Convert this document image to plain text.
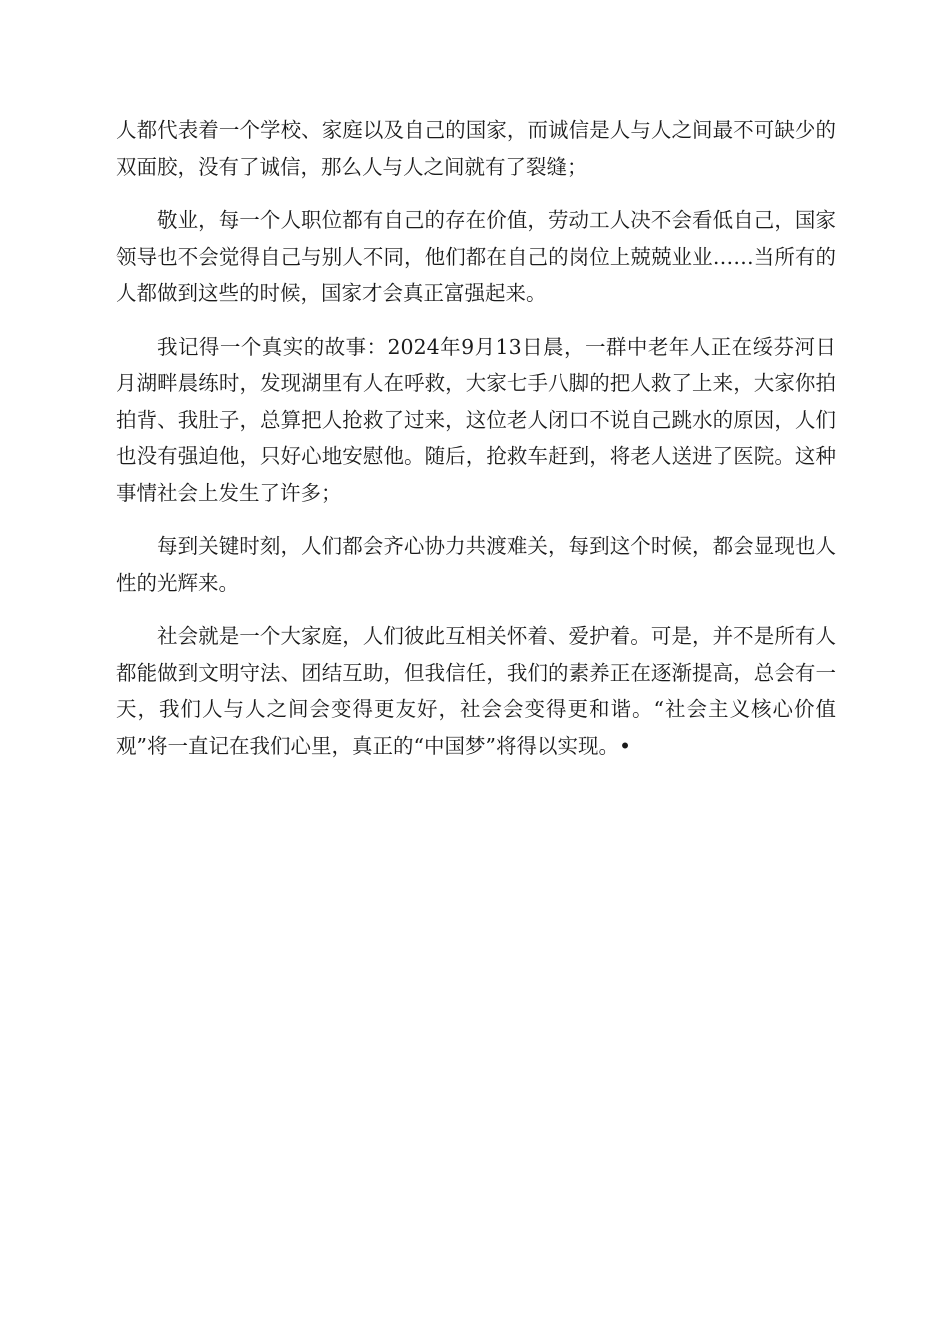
人都代表着一个学校、家庭以及自己的国家，而诚信是人与人之间最不可缺少的双面胶，没有了诚信，那么人与人之间就有了裂缝；

敬业，每一个人职位都有自己的存在价值，劳动工人决不会看低自己，国家领导也不会觉得自己与别人不同，他们都在自己的岗位上兢兢业业……当所有的人都做到这些的时候，国家才会真正富强起来。

我记得一个真实的故事：2024年9月13日晨，一群中老年人正在绥芬河日月湖畔晨练时，发现湖里有人在呼救，大家七手八脚的把人救了上来，大家你拍拍背、我肚子，总算把人抢救了过来，这位老人闭口不说自己跳水的原因，人们也没有强迫他，只好心地安慰他。随后，抢救车赶到，将老人送进了医院。这种事情社会上发生了许多；

每到关键时刻，人们都会齐心协力共渡难关，每到这个时候，都会显现也人性的光辉来。

社会就是一个大家庭，人们彼此互相关怀着、爱护着。可是，并不是所有人都能做到文明守法、团结互助，但我信任，我们的素养正在逐渐提高，总会有一天，我们人与人之间会变得更友好，社会会变得更和谐。“社会主义核心价值观”将一直记在我们心里，真正的“中国梦”将得以实现。•
